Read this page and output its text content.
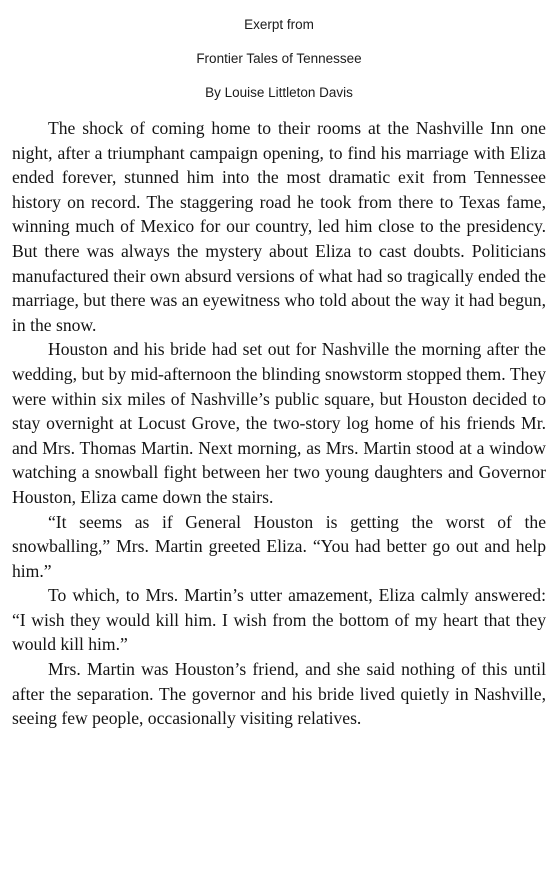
Exerpt from
Frontier Tales of Tennessee
By Louise Littleton Davis

The shock of coming home to their rooms at the Nashville Inn one night, after a triumphant campaign opening, to find his marriage with Eliza ended forever, stunned him into the most dramatic exit from Tennessee history on record. The staggering road he took from there to Texas fame, winning much of Mexico for our country, led him close to the presidency. But there was always the mystery about Eliza to cast doubts. Politicians manufactured their own absurd versions of what had so tragically ended the marriage, but there was an eyewitness who told about the way it had begun, in the snow.

Houston and his bride had set out for Nashville the morning after the wedding, but by mid-afternoon the blinding snowstorm stopped them. They were within six miles of Nashville’s public square, but Houston decided to stay overnight at Locust Grove, the two-story log home of his friends Mr. and Mrs. Thomas Martin. Next morning, as Mrs. Martin stood at a window watching a snowball fight between her two young daughters and Governor Houston, Eliza came down the stairs.

“It seems as if General Houston is getting the worst of the snowballing,” Mrs. Martin greeted Eliza. “You had better go out and help him.”

To which, to Mrs. Martin’s utter amazement, Eliza calmly answered: “I wish they would kill him. I wish from the bottom of my heart that they would kill him.”

Mrs. Martin was Houston’s friend, and she said nothing of this until after the separation. The governor and his bride lived quietly in Nashville, seeing few people, occasionally visiting relatives.
